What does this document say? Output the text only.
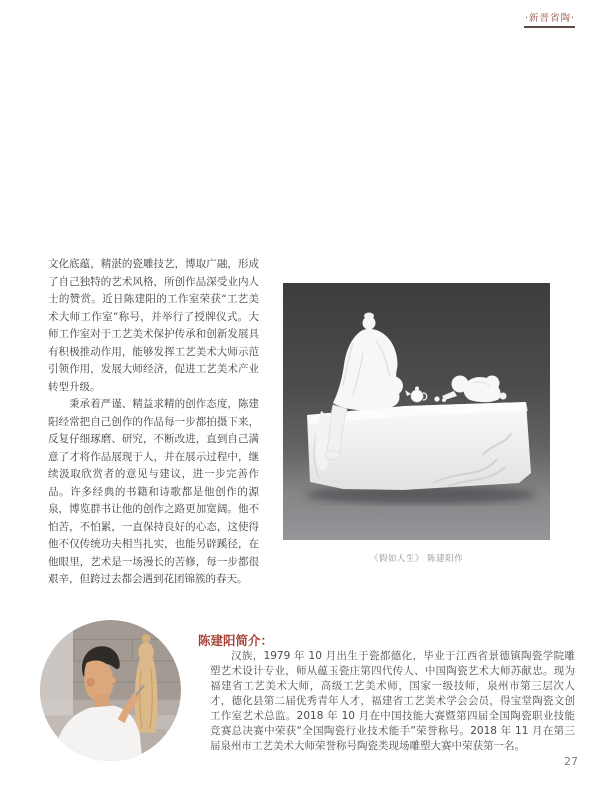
·新晋省陶·

文化底蕴，精湛的瓷雕技艺，博取广融，形成了自己独特的艺术风格，所创作品深受业内人士的赞赏。近日陈建阳的工作室荣获“工艺美术大师工作室”称号，并举行了授牌仪式。大师工作室对于工艺美术保护传承和创新发展具有积极推动作用，能够发挥工艺美术大师示范引领作用，发展大师经济，促进工艺美术产业转型升级。

秉承着严谨、精益求精的创作态度，陈建阳经常把自己创作的作品每一步都拍摄下来，反复仔细琢磨、研究，不断改进，直到自己满意了才将作品展现于人，并在展示过程中，继续汲取欣赏者的意见与建议，进一步完善作品。许多经典的书籍和诗歌都是他创作的源泉，博览群书让他的创作之路更加宽阔。他不怕苦，不怕累，一直保持良好的心态，这使得他不仅传统功夫相当扎实，也能另辟蹊径，在他眼里，艺术是一场漫长的苦修，每一步都很艰辛，但跨过去都会遇到花团锦簇的春天。

《假如人生》 陈建阳作
陈建阳简介：
汉族，1979 年 10 月出生于瓷都德化，毕业于江西省景德镇陶瓷学院雕塑艺术设计专业，师从蕴玉瓷庄第四代传人、中国陶瓷艺术大师苏献忠。现为福建省工艺美术大师，高级工艺美术师，国家一级技师，泉州市第三层次人才，德化县第二届优秀青年人才，福建省工艺美术学会会员，得宝堂陶瓷文创工作室艺术总监。2018 年 10 月在中国技能大赛暨第四届全国陶瓷职业技能竞赛总决赛中荣获“全国陶瓷行业技术能手”荣誉称号。2018 年 11 月在第三届泉州市工艺美术大师荣誉称号陶瓷类现场雕塑大赛中荣获第一名。
27
